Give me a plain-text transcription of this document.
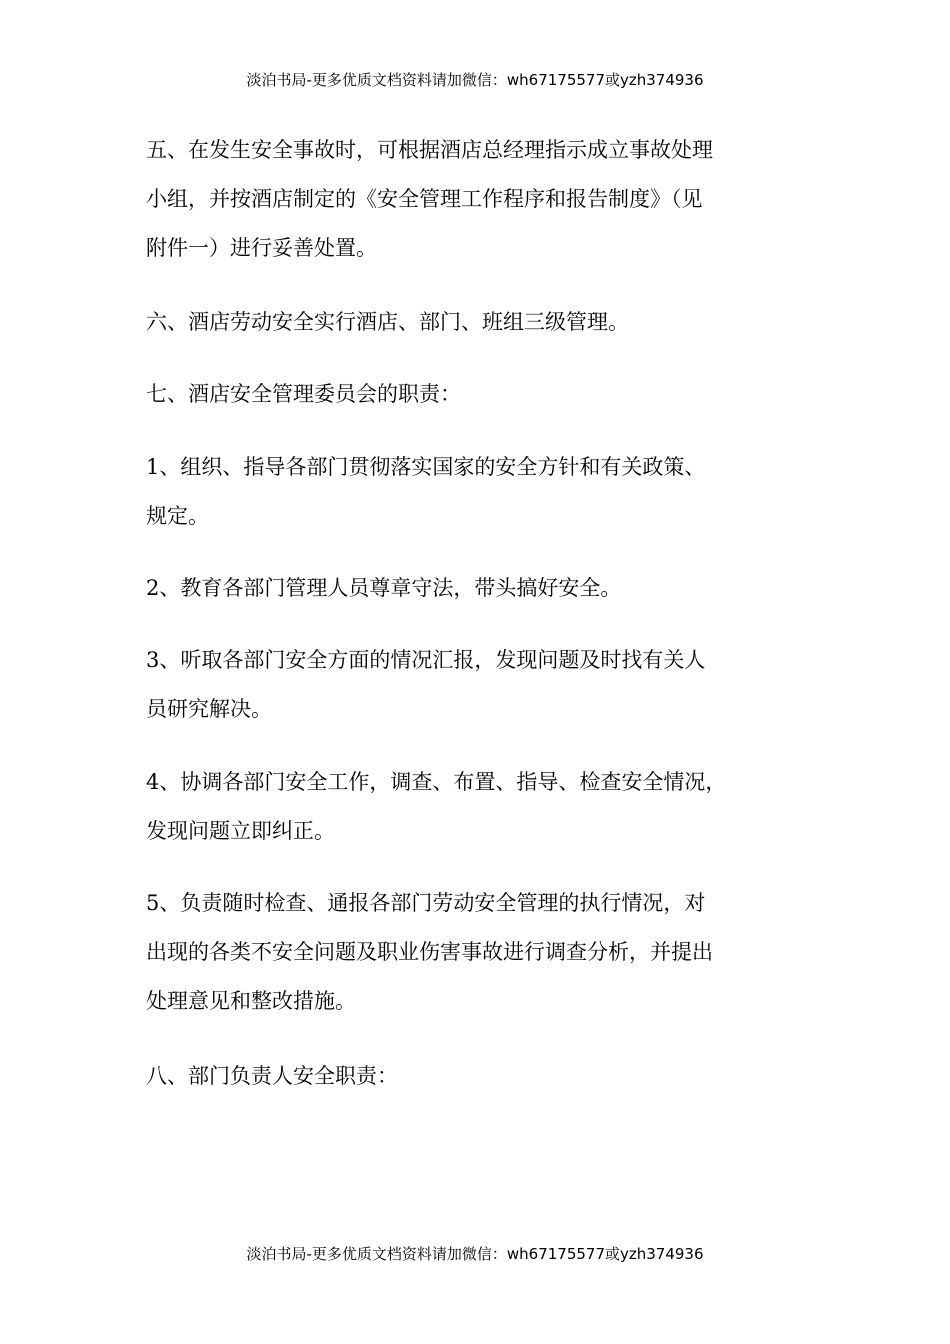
淡泊书局-更多优质文档资料请加微信：wh67175577或yzh374936
五、在发生安全事故时，可根据酒店总经理指示成立事故处理
小组，并按酒店制定的《安全管理工作程序和报告制度》（见
附件一）进行妥善处置。
六、酒店劳动安全实行酒店、部门、班组三级管理。
七、酒店安全管理委员会的职责：
1、组织、指导各部门贯彻落实国家的安全方针和有关政策、
规定。
2、教育各部门管理人员尊章守法，带头搞好安全。
3、听取各部门安全方面的情况汇报，发现问题及时找有关人
员研究解决。
4、协调各部门安全工作，调查、布置、指导、检查安全情况，
发现问题立即纠正。
5、负责随时检查、通报各部门劳动安全管理的执行情况，对
出现的各类不安全问题及职业伤害事故进行调查分析，并提出
处理意见和整改措施。
八、部门负责人安全职责：
淡泊书局-更多优质文档资料请加微信：wh67175577或yzh374936
